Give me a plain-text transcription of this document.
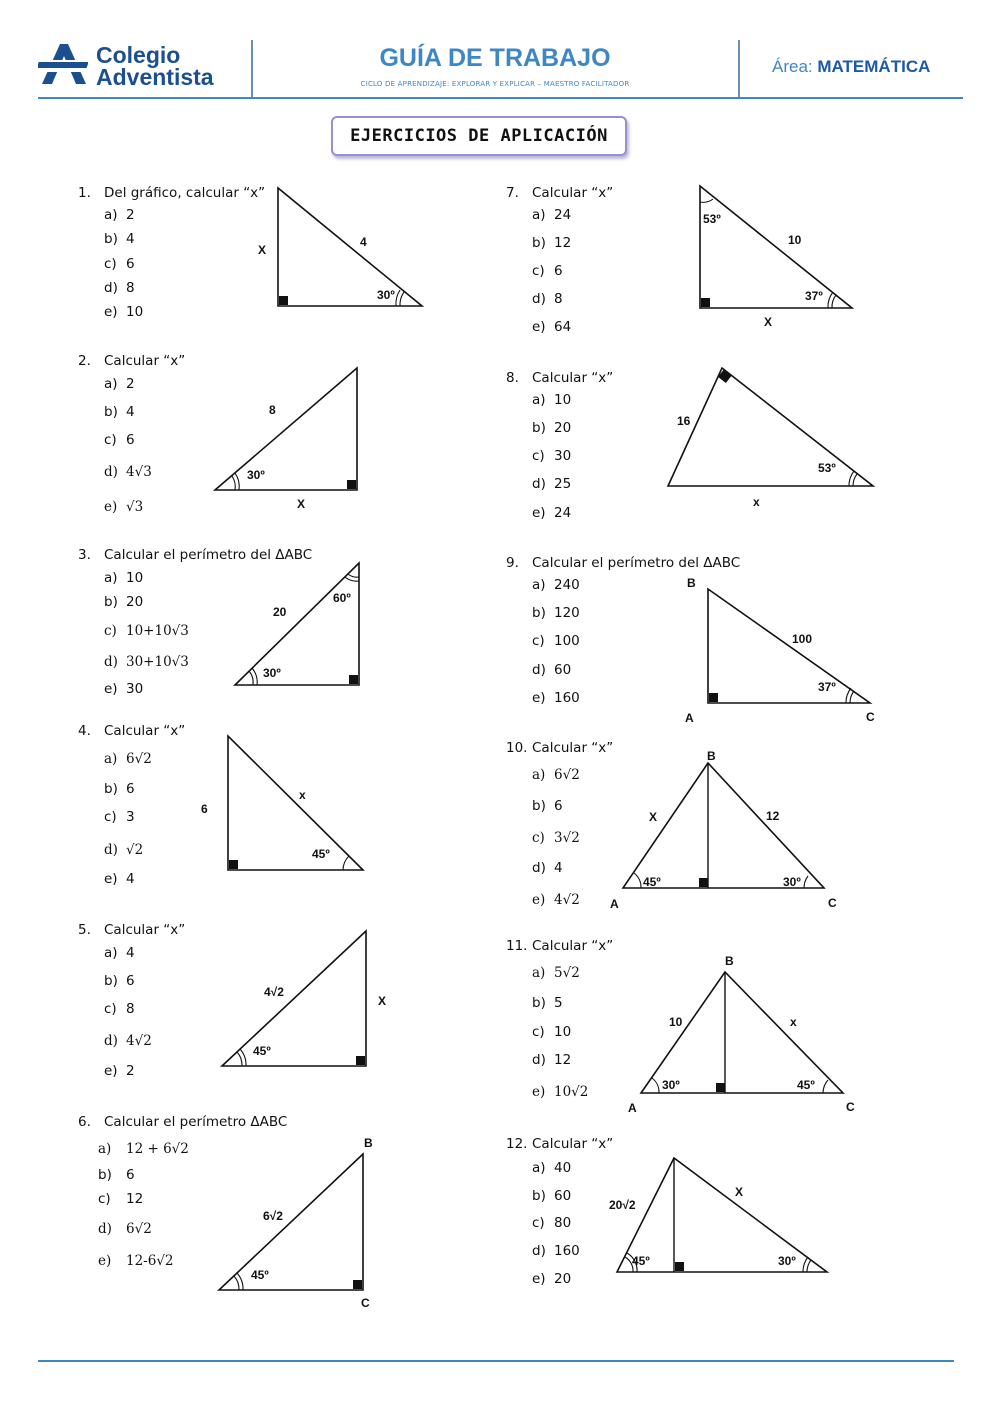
Colegio
Adventista
GUÍA DE TRABAJO
CICLO DE APRENDIZAJE: EXPLORAR Y EXPLICAR – MAESTRO FACILITADOR
Área: MATEMÁTICA
EJERCICIOS DE APLICACIÓN
1. Del gráfico, calcular “x”
a) 2
b) 4
c) 6
d) 8
e) 10
X
4
30º
2. Calcular “x”
a) 2
b) 4
c) 6
d) 4√3
e) √3
8
30º
X
3. Calcular el perímetro del ΔABC
a) 10
b) 20
c) 10+10√3
d) 30+10√3
e) 30
20
60º
30º
4. Calcular “x”
a) 6√2
b) 6
c) 3
d) √2
e) 4
6
x
45º
5. Calcular “x”
a) 4
b) 6
c) 8
d) 4√2
e) 2
4√2
X
45º
6. Calcular el perímetro ΔABC
a) 12 + 6√2
b) 6
c) 12
d) 6√2
e) 12-6√2
B
6√2
45º
C
7. Calcular “x”
a) 24
b) 12
c) 6
d) 8
e) 64
53º
10
37º
X
8. Calcular “x”
a) 10
b) 20
c) 30
d) 25
e) 24
16
53º
x
9. Calcular el perímetro del ΔABC
a) 240
b) 120
c) 100
d) 60
e) 160
B
100
37º
A	C
10. Calcular “x”
a) 6√2
b) 6
c) 3√2
d) 4
e) 4√2
B
X	12
45º	30º
A	C
11. Calcular “x”
a) 5√2
b) 5
c) 10
d) 12
e) 10√2
B
10	x
30º	45º
A	C
12. Calcular “x”
a) 40
b) 60
c) 80
d) 160
e) 20
20√2
X
45º	30º
